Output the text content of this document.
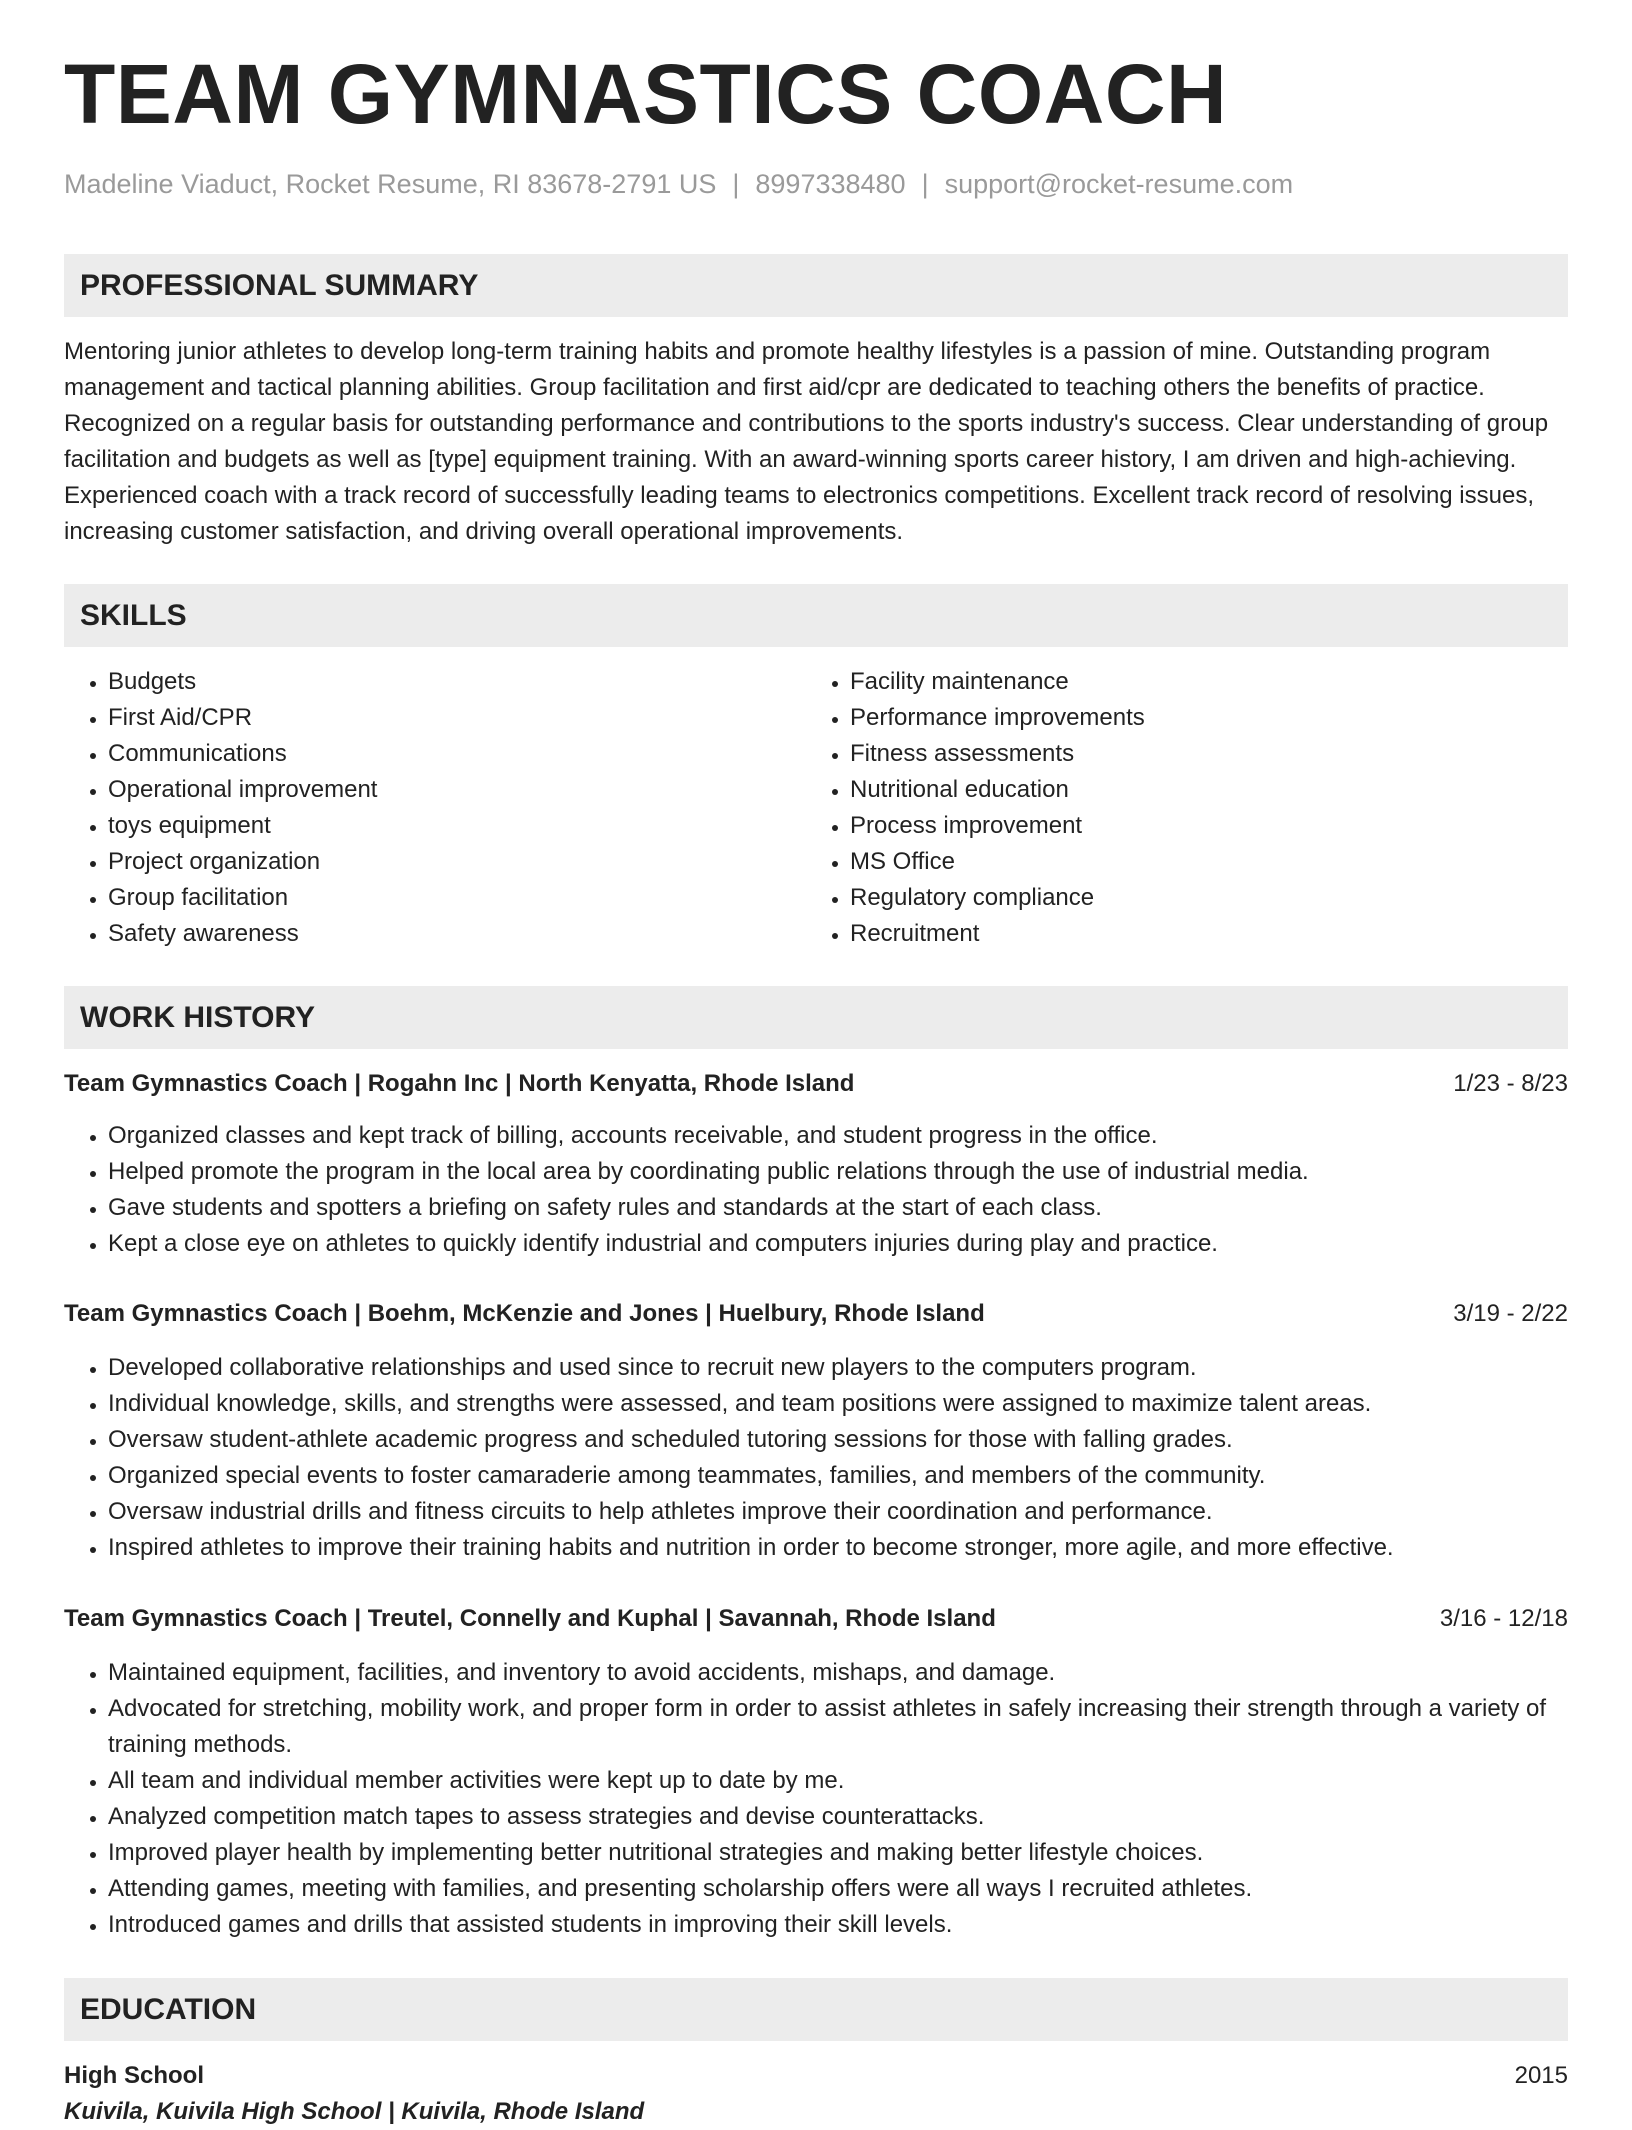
TEAM GYMNASTICS COACH
Madeline Viaduct, Rocket Resume, RI 83678-2791 US | 8997338480 | support@rocket-resume.com
PROFESSIONAL SUMMARY
Mentoring junior athletes to develop long-term training habits and promote healthy lifestyles is a passion of mine. Outstanding program management and tactical planning abilities. Group facilitation and first aid/cpr are dedicated to teaching others the benefits of practice. Recognized on a regular basis for outstanding performance and contributions to the sports industry's success. Clear understanding of group facilitation and budgets as well as [type] equipment training. With an award-winning sports career history, I am driven and high-achieving. Experienced coach with a track record of successfully leading teams to electronics competitions. Excellent track record of resolving issues, increasing customer satisfaction, and driving overall operational improvements.
SKILLS
• Budgets
• First Aid/CPR
• Communications
• Operational improvement
• toys equipment
• Project organization
• Group facilitation
• Safety awareness
• Facility maintenance
• Performance improvements
• Fitness assessments
• Nutritional education
• Process improvement
• MS Office
• Regulatory compliance
• Recruitment
WORK HISTORY
Team Gymnastics Coach | Rogahn Inc | North Kenyatta, Rhode Island	1/23 - 8/23
• Organized classes and kept track of billing, accounts receivable, and student progress in the office.
• Helped promote the program in the local area by coordinating public relations through the use of industrial media.
• Gave students and spotters a briefing on safety rules and standards at the start of each class.
• Kept a close eye on athletes to quickly identify industrial and computers injuries during play and practice.
Team Gymnastics Coach | Boehm, McKenzie and Jones | Huelbury, Rhode Island	3/19 - 2/22
• Developed collaborative relationships and used since to recruit new players to the computers program.
• Individual knowledge, skills, and strengths were assessed, and team positions were assigned to maximize talent areas.
• Oversaw student-athlete academic progress and scheduled tutoring sessions for those with falling grades.
• Organized special events to foster camaraderie among teammates, families, and members of the community.
• Oversaw industrial drills and fitness circuits to help athletes improve their coordination and performance.
• Inspired athletes to improve their training habits and nutrition in order to become stronger, more agile, and more effective.
Team Gymnastics Coach | Treutel, Connelly and Kuphal | Savannah, Rhode Island	3/16 - 12/18
• Maintained equipment, facilities, and inventory to avoid accidents, mishaps, and damage.
• Advocated for stretching, mobility work, and proper form in order to assist athletes in safely increasing their strength through a variety of training methods.
• All team and individual member activities were kept up to date by me.
• Analyzed competition match tapes to assess strategies and devise counterattacks.
• Improved player health by implementing better nutritional strategies and making better lifestyle choices.
• Attending games, meeting with families, and presenting scholarship offers were all ways I recruited athletes.
• Introduced games and drills that assisted students in improving their skill levels.
EDUCATION
High School	2015
Kuivila, Kuivila High School | Kuivila, Rhode Island
